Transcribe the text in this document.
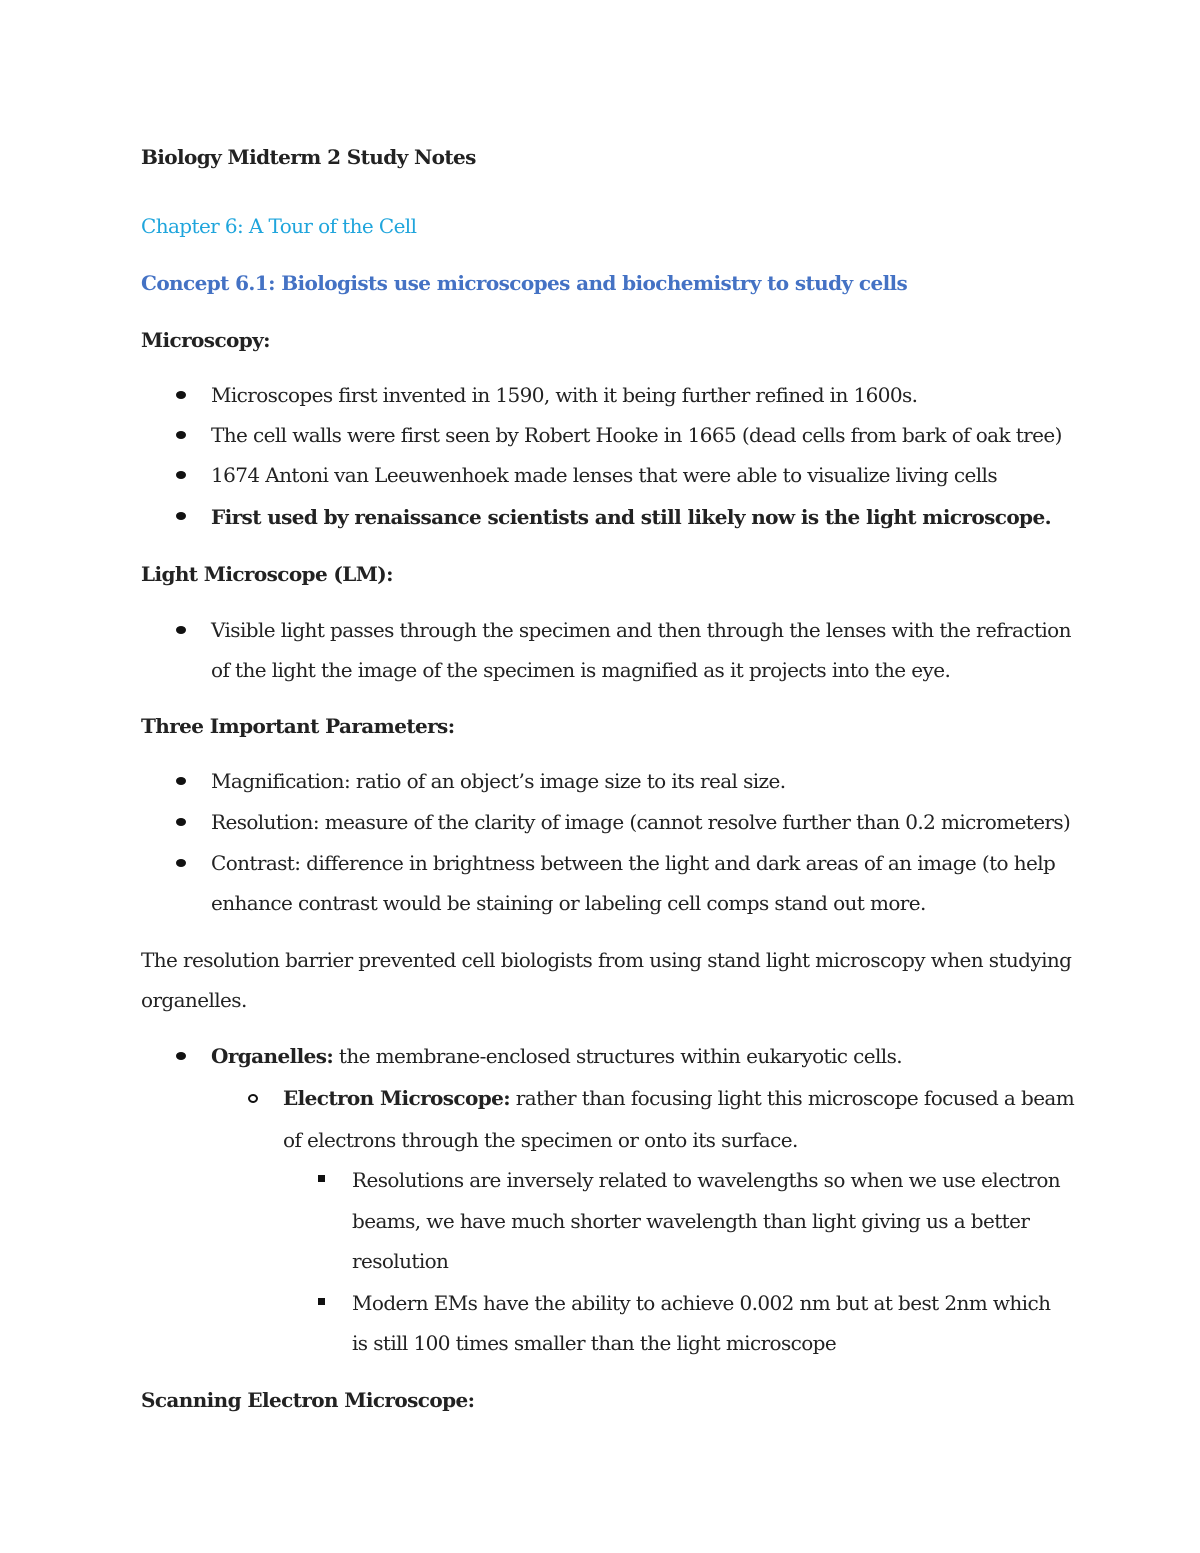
Biology Midterm 2 Study Notes
Chapter 6: A Tour of the Cell
Concept 6.1: Biologists use microscopes and biochemistry to study cells
Microscopy:
Microscopes first invented in 1590, with it being further refined in 1600s.
The cell walls were first seen by Robert Hooke in 1665 (dead cells from bark of oak tree)
1674 Antoni van Leeuwenhoek made lenses that were able to visualize living cells
First used by renaissance scientists and still likely now is the light microscope.
Light Microscope (LM):
Visible light passes through the specimen and then through the lenses with the refraction
of the light the image of the specimen is magnified as it projects into the eye.
Three Important Parameters:
Magnification: ratio of an object’s image size to its real size.
Resolution: measure of the clarity of image (cannot resolve further than 0.2 micrometers)
Contrast: difference in brightness between the light and dark areas of an image (to help
enhance contrast would be staining or labeling cell comps stand out more.
The resolution barrier prevented cell biologists from using stand light microscopy when studying
organelles.
Organelles: the membrane-enclosed structures within eukaryotic cells.
Electron Microscope: rather than focusing light this microscope focused a beam
of electrons through the specimen or onto its surface.
Resolutions are inversely related to wavelengths so when we use electron
beams, we have much shorter wavelength than light giving us a better
resolution
Modern EMs have the ability to achieve 0.002 nm but at best 2nm which
is still 100 times smaller than the light microscope
Scanning Electron Microscope:
